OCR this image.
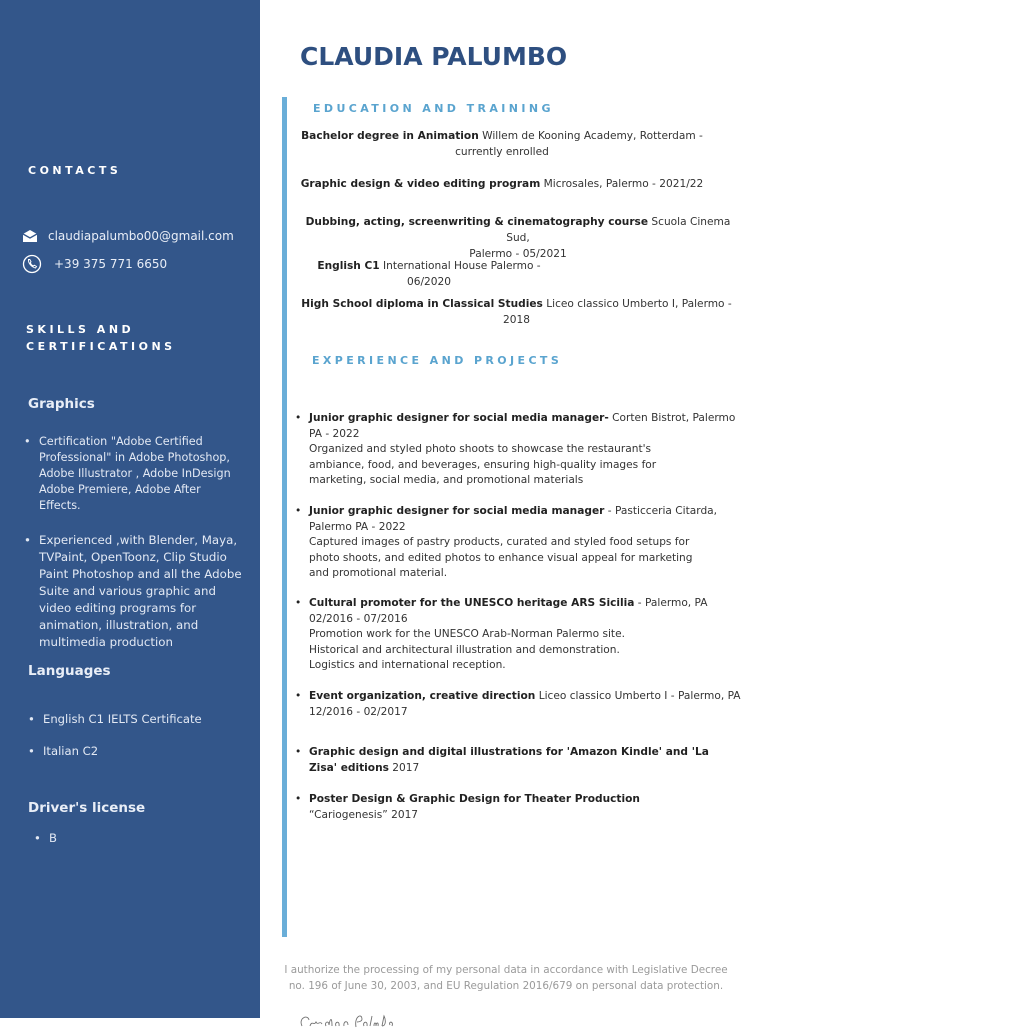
CONTACTS
claudiapalumbo00@gmail.com
+39 375 771 6650
SKILLS AND
CERTIFICATIONS
Graphics
• Certification "Adobe Certified Professional" in Adobe Photoshop, Adobe Illustrator , Adobe InDesign Adobe Premiere, Adobe After Effects.
• Experienced ,with Blender, Maya, TVPaint, OpenToonz, Clip Studio Paint Photoshop and all the Adobe Suite and various graphic and video editing programs for animation, illustration, and multimedia production
Languages
• English C1 IELTS Certificate
• Italian C2
Driver's license
• B
CLAUDIA PALUMBO
EDUCATION AND TRAINING
Bachelor degree in Animation Willem de Kooning Academy, Rotterdam -
currently enrolled
Graphic design & video editing program Microsales, Palermo - 2021/22
Dubbing, acting, screenwriting & cinematography course Scuola Cinema Sud,
Palermo - 05/2021
English C1 International House Palermo - 06/2020
High School diploma in Classical Studies Liceo classico Umberto I, Palermo -
2018
EXPERIENCE AND PROJECTS
• Junior graphic designer for social media manager- Corten Bistrot, Palermo PA - 2022
Organized and styled photo shoots to showcase the restaurant's
ambiance, food, and beverages, ensuring high-quality images for
marketing, social media, and promotional materials
• Junior graphic designer for social media manager - Pasticceria Citarda, Palermo PA - 2022
Captured images of pastry products, curated and styled food setups for
photo shoots, and edited photos to enhance visual appeal for marketing
and promotional material.
• Cultural promoter for the UNESCO heritage ARS Sicilia - Palermo, PA 02/2016 - 07/2016
Promotion work for the UNESCO Arab-Norman Palermo site.
Historical and architectural illustration and demonstration.
Logistics and international reception.
• Event organization, creative direction Liceo classico Umberto I - Palermo, PA 12/2016 - 02/2017
• Graphic design and digital illustrations for 'Amazon Kindle' and 'La Zisa' editions 2017
• Poster Design & Graphic Design for Theater Production “Cariogenesis” 2017
I authorize the processing of my personal data in accordance with Legislative Decree no. 196 of June 30, 2003, and EU Regulation 2016/679 on personal data protection.
